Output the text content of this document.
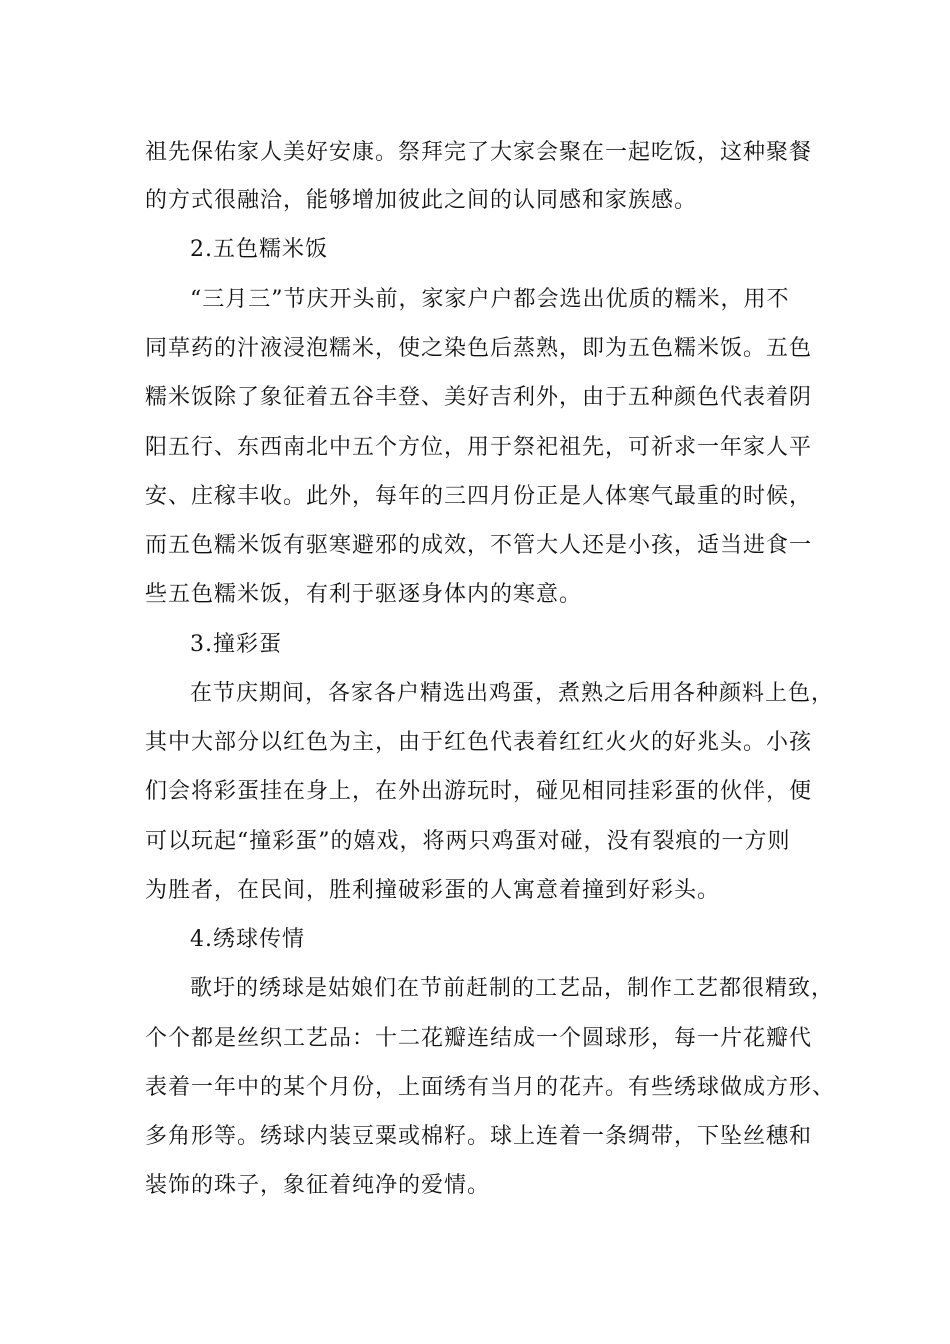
祖先保佑家人美好安康。祭拜完了大家会聚在一起吃饭，这种聚餐

的方式很融洽，能够增加彼此之间的认同感和家族感。

2.五色糯米饭

“三月三”节庆开头前，家家户户都会选出优质的糯米，用不

同草药的汁液浸泡糯米，使之染色后蒸熟，即为五色糯米饭。五色

糯米饭除了象征着五谷丰登、美好吉利外，由于五种颜色代表着阴

阳五行、东西南北中五个方位，用于祭祀祖先，可祈求一年家人平

安、庄稼丰收。此外，每年的三四月份正是人体寒气最重的时候，

而五色糯米饭有驱寒避邪的成效，不管大人还是小孩，适当进食一

些五色糯米饭，有利于驱逐身体内的寒意。

3.撞彩蛋

在节庆期间，各家各户精选出鸡蛋，煮熟之后用各种颜料上色，

其中大部分以红色为主，由于红色代表着红红火火的好兆头。小孩

们会将彩蛋挂在身上，在外出游玩时，碰见相同挂彩蛋的伙伴，便

可以玩起“撞彩蛋”的嬉戏，将两只鸡蛋对碰，没有裂痕的一方则

为胜者，在民间，胜利撞破彩蛋的人寓意着撞到好彩头。

4.绣球传情

歌圩的绣球是姑娘们在节前赶制的工艺品，制作工艺都很精致，

个个都是丝织工艺品：十二花瓣连结成一个圆球形，每一片花瓣代

表着一年中的某个月份，上面绣有当月的花卉。有些绣球做成方形、

多角形等。绣球内装豆粟或棉籽。球上连着一条绸带，下坠丝穗和

装饰的珠子，象征着纯净的爱情。
